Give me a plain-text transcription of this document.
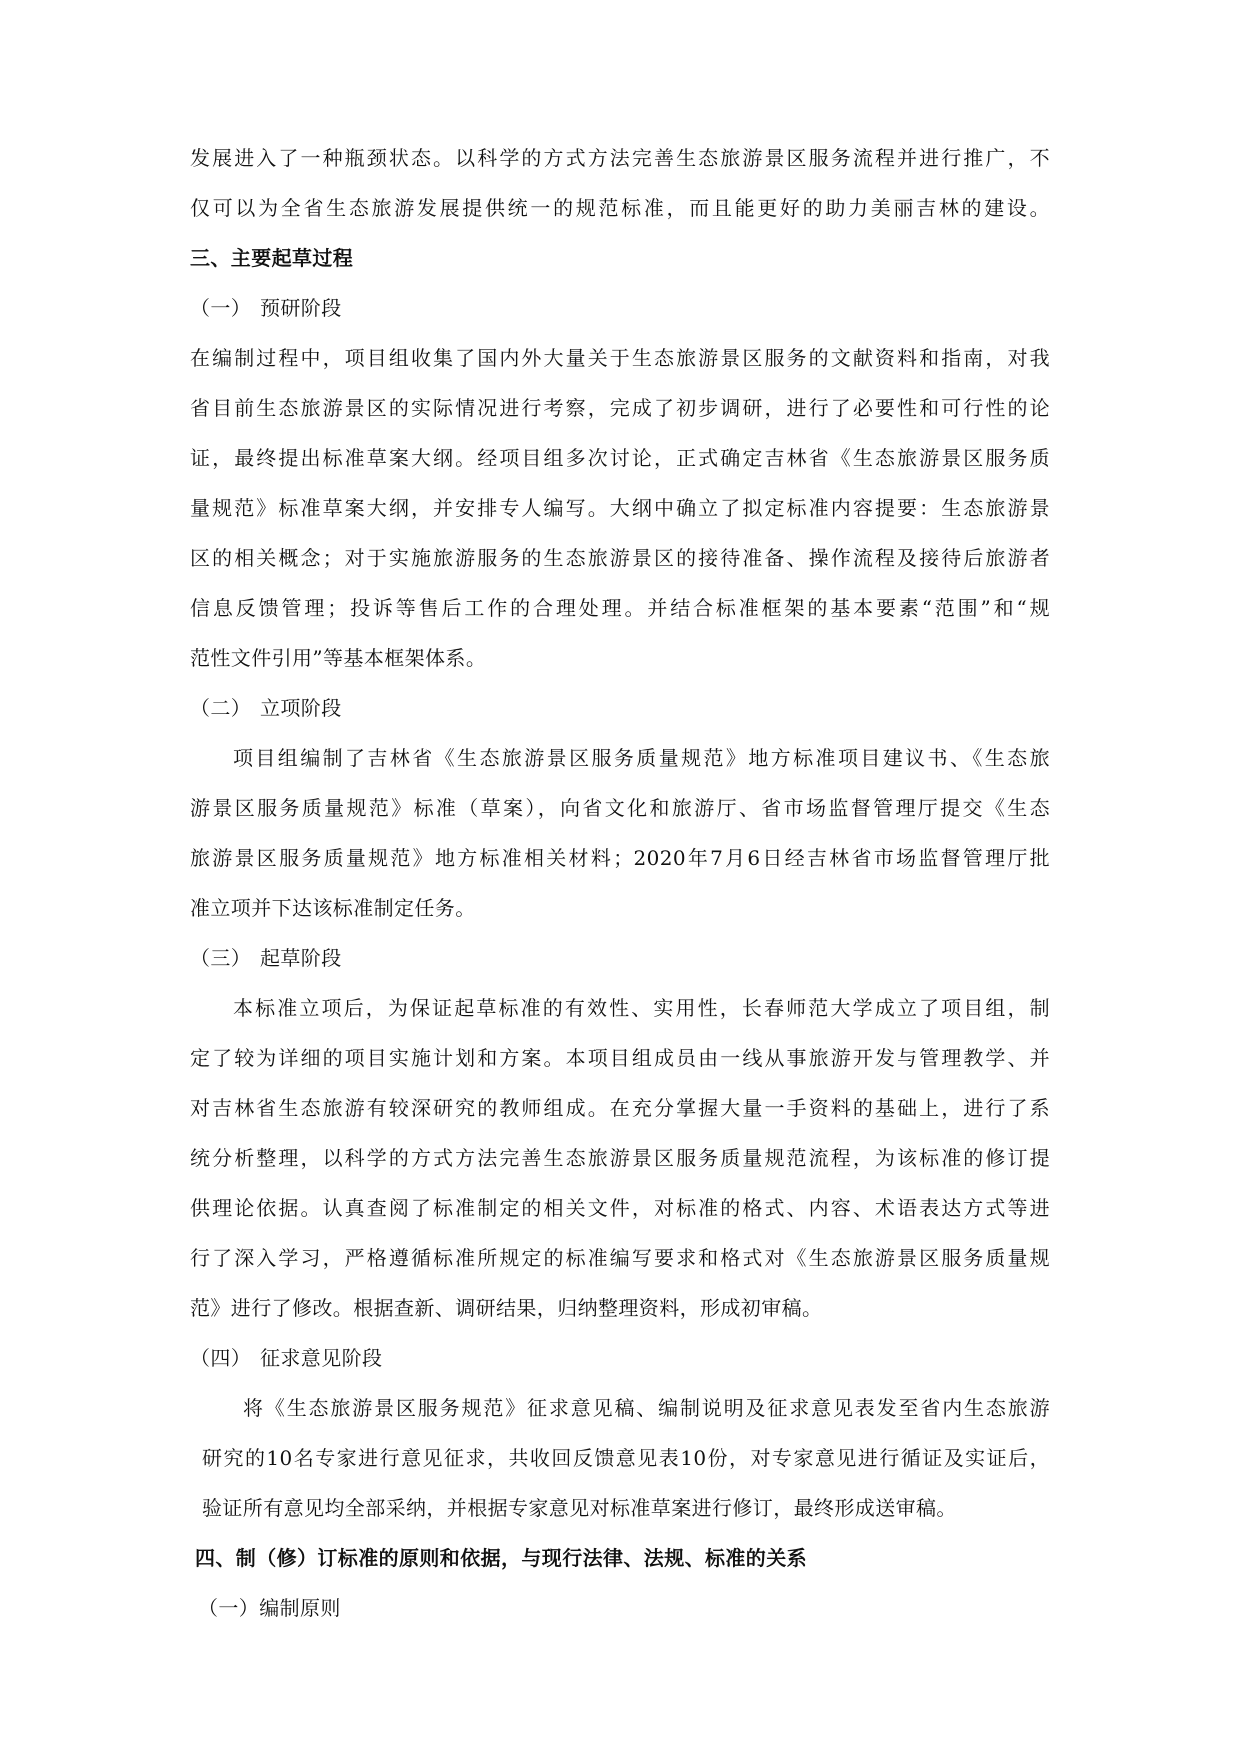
发展进入了一种瓶颈状态。以科学的方式方法完善生态旅游景区服务流程并进行推广，不

仅可以为全省生态旅游发展提供统一的规范标准，而且能更好的助力美丽吉林的建设。

三、主要起草过程

（一） 预研阶段

在编制过程中，项目组收集了国内外大量关于生态旅游景区服务的文献资料和指南，对我

省目前生态旅游景区的实际情况进行考察，完成了初步调研，进行了必要性和可行性的论

证，最终提出标准草案大纲。经项目组多次讨论，正式确定吉林省《生态旅游景区服务质

量规范》标准草案大纲，并安排专人编写。大纲中确立了拟定标准内容提要：生态旅游景

区的相关概念；对于实施旅游服务的生态旅游景区的接待准备、操作流程及接待后旅游者

信息反馈管理；投诉等售后工作的合理处理。并结合标准框架的基本要素“范围”和“规

范性文件引用”等基本框架体系。

（二） 立项阶段

项目组编制了吉林省《生态旅游景区服务质量规范》地方标准项目建议书、《生态旅

游景区服务质量规范》标准（草案），向省文化和旅游厅、省市场监督管理厅提交《生态

旅游景区服务质量规范》地方标准相关材料；2020年7月6日经吉林省市场监督管理厅批

准立项并下达该标准制定任务。

（三） 起草阶段

本标准立项后，为保证起草标准的有效性、实用性，长春师范大学成立了项目组，制

定了较为详细的项目实施计划和方案。本项目组成员由一线从事旅游开发与管理教学、并

对吉林省生态旅游有较深研究的教师组成。在充分掌握大量一手资料的基础上，进行了系

统分析整理，以科学的方式方法完善生态旅游景区服务质量规范流程，为该标准的修订提

供理论依据。认真查阅了标准制定的相关文件，对标准的格式、内容、术语表达方式等进

行了深入学习，严格遵循标准所规定的标准编写要求和格式对《生态旅游景区服务质量规

范》进行了修改。根据查新、调研结果，归纳整理资料，形成初审稿。

（四） 征求意见阶段

将《生态旅游景区服务规范》征求意见稿、编制说明及征求意见表发至省内生态旅游

研究的10名专家进行意见征求，共收回反馈意见表10份，对专家意见进行循证及实证后，

验证所有意见均全部采纳，并根据专家意见对标准草案进行修订，最终形成送审稿。

四、制（修）订标准的原则和依据，与现行法律、法规、标准的关系

（一）编制原则
